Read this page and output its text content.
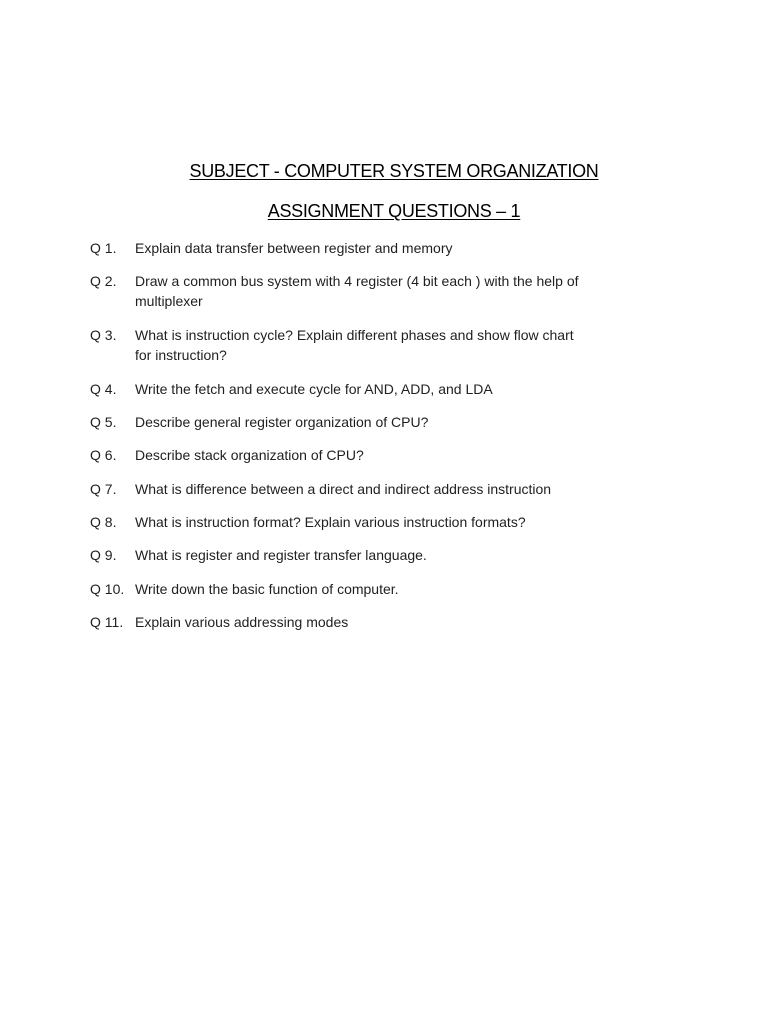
SUBJECT - COMPUTER SYSTEM ORGANIZATION
ASSIGNMENT QUESTIONS – 1
Q 1.	Explain data transfer between register and memory
Q 2.	Draw a common bus system with 4 register (4 bit each ) with the help of multiplexer
Q 3.	What is instruction cycle? Explain different phases and show flow chart for instruction?
Q 4.	Write the fetch and execute cycle for AND, ADD, and LDA
Q 5.	Describe general register organization of CPU?
Q 6.	Describe stack organization of CPU?
Q 7.	What is difference between a direct and indirect address instruction
Q 8.	What is instruction format? Explain various instruction formats?
Q 9.	What is register and register transfer language.
Q 10. Write down the basic function of computer.
Q 11. Explain various addressing modes
